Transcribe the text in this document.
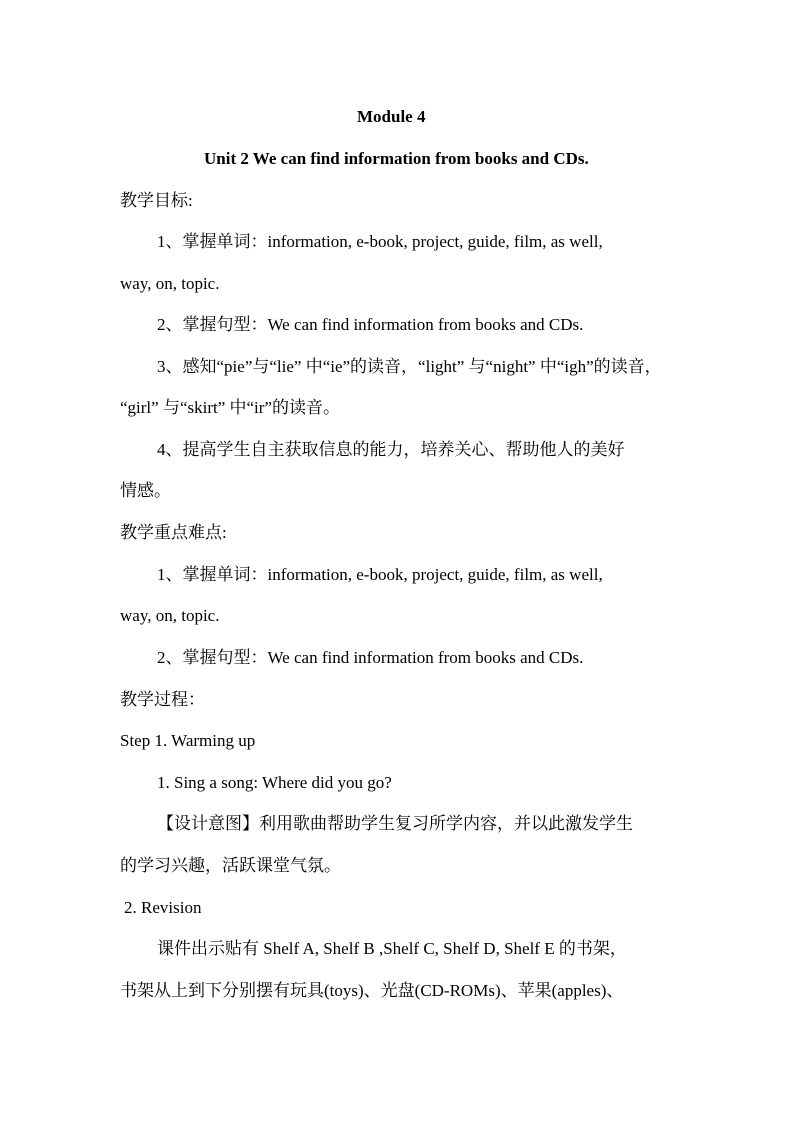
Module 4
Unit 2 We can find information from books and CDs.
教学目标:
1、掌握单词：information, e-book, project, guide, film, as well,
way, on, topic.
2、掌握句型：We can find information from books and CDs.
3、感知“pie”与“lie” 中“ie”的读音，“light” 与“night” 中“igh”的读音，
“girl” 与“skirt” 中“ir”的读音。
4、提高学生自主获取信息的能力，培养关心、帮助他人的美好
情感。
教学重点难点:
1、掌握单词：information, e-book, project, guide, film, as well,
way, on, topic.
2、掌握句型：We can find information from books and CDs.
教学过程：
Step 1. Warming up
1. Sing a song: Where did you go?
【设计意图】利用歌曲帮助学生复习所学内容，并以此激发学生
的学习兴趣，活跃课堂气氛。
2. Revision
课件出示贴有 Shelf A, Shelf B ,Shelf C, Shelf D, Shelf E 的书架，
书架从上到下分别摆有玩具(toys)、光盘(CD-ROMs)、苹果(apples)、
